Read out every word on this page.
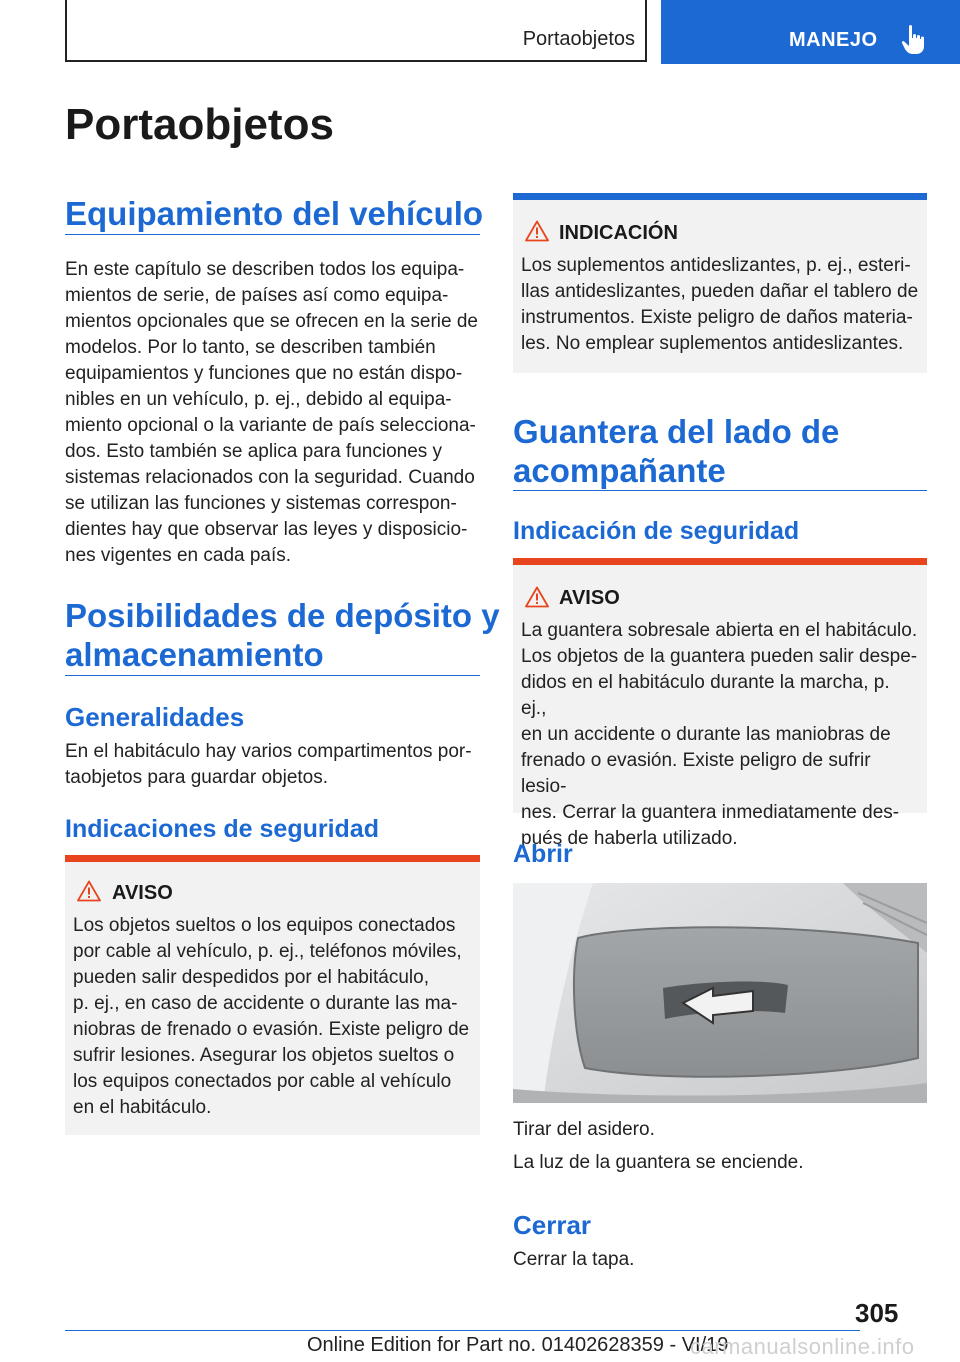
Portaobjetos	MANEJO
Portaobjetos
Equipamiento del vehículo
En este capítulo se describen todos los equipa-
mientos de serie, de países así como equipa-
mientos opcionales que se ofrecen en la serie de
modelos. Por lo tanto, se describen también
equipamientos y funciones que no están dispo-
nibles en un vehículo, p. ej., debido al equipa-
miento opcional o la variante de país selecciona-
dos. Esto también se aplica para funciones y
sistemas relacionados con la seguridad. Cuando
se utilizan las funciones y sistemas correspon-
dientes hay que observar las leyes y disposicio-
nes vigentes en cada país.
Posibilidades de depósito y
almacenamiento
Generalidades
En el habitáculo hay varios compartimentos por-
taobjetos para guardar objetos.
Indicaciones de seguridad
AVISO
Los objetos sueltos o los equipos conectados
por cable al vehículo, p. ej., teléfonos móviles,
pueden salir despedidos por el habitáculo,
p. ej., en caso de accidente o durante las ma-
niobras de frenado o evasión. Existe peligro de
sufrir lesiones. Asegurar los objetos sueltos o
los equipos conectados por cable al vehículo
en el habitáculo.
INDICACIÓN
Los suplementos antideslizantes, p. ej., esteri-
llas antideslizantes, pueden dañar el tablero de
instrumentos. Existe peligro de daños materia-
les. No emplear suplementos antideslizantes.
Guantera del lado de
acompañante
Indicación de seguridad
AVISO
La guantera sobresale abierta en el habitáculo.
Los objetos de la guantera pueden salir despe-
didos en el habitáculo durante la marcha, p. ej.,
en un accidente o durante las maniobras de
frenado o evasión. Existe peligro de sufrir lesio-
nes. Cerrar la guantera inmediatamente des-
pués de haberla utilizado.
Abrir
Tirar del asidero.
La luz de la guantera se enciende.
Cerrar
Cerrar la tapa.
305
Online Edition for Part no. 01402628359 - VI/19
carmanualsonline.info
